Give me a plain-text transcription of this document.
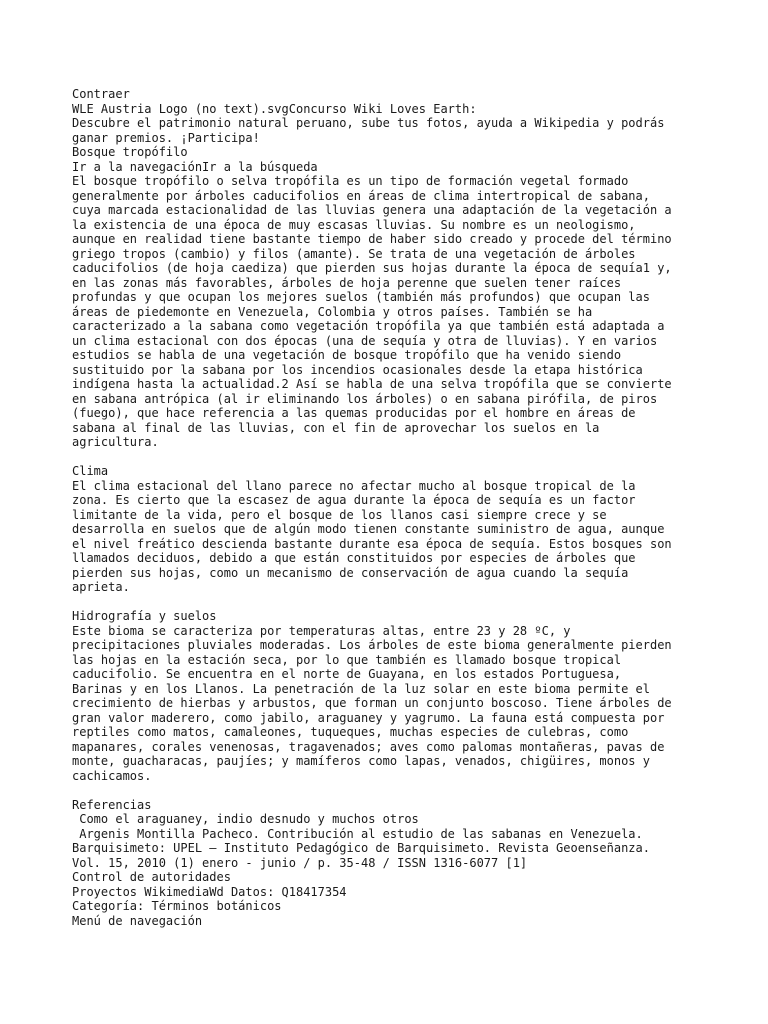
Contraer
WLE Austria Logo (no text).svgConcurso Wiki Loves Earth:
Descubre el patrimonio natural peruano, sube tus fotos, ayuda a Wikipedia y podrás
ganar premios. ¡Participa!
Bosque tropófilo
Ir a la navegaciónIr a la búsqueda
El bosque tropófilo o selva tropófila es un tipo de formación vegetal formado
generalmente por árboles caducifolios en áreas de clima intertropical de sabana,
cuya marcada estacionalidad de las lluvias genera una adaptación de la vegetación a
la existencia de una época de muy escasas lluvias. Su nombre es un neologismo,
aunque en realidad tiene bastante tiempo de haber sido creado y procede del término
griego tropos (cambio) y filos (amante). Se trata de una vegetación de árboles
caducifolios (de hoja caediza) que pierden sus hojas durante la época de sequía1 y,
en las zonas más favorables, árboles de hoja perenne que suelen tener raíces
profundas y que ocupan los mejores suelos (también más profundos) que ocupan las
áreas de piedemonte en Venezuela, Colombia y otros países. También se ha
caracterizado a la sabana como vegetación tropófila ya que también está adaptada a
un clima estacional con dos épocas (una de sequía y otra de lluvias). Y en varios
estudios se habla de una vegetación de bosque tropófilo que ha venido siendo
sustituido por la sabana por los incendios ocasionales desde la etapa histórica
indígena hasta la actualidad.2 Así se habla de una selva tropófila que se convierte
en sabana antrópica (al ir eliminando los árboles) o en sabana pirófila, de piros
(fuego), que hace referencia a las quemas producidas por el hombre en áreas de
sabana al final de las lluvias, con el fin de aprovechar los suelos en la
agricultura.
Clima
El clima estacional del llano parece no afectar mucho al bosque tropical de la
zona. Es cierto que la escasez de agua durante la época de sequía es un factor
limitante de la vida, pero el bosque de los llanos casi siempre crece y se
desarrolla en suelos que de algún modo tienen constante suministro de agua, aunque
el nivel freático descienda bastante durante esa época de sequía. Estos bosques son
llamados deciduos, debido a que están constituidos por especies de árboles que
pierden sus hojas, como un mecanismo de conservación de agua cuando la sequía
aprieta.
Hidrografía y suelos
Este bioma se caracteriza por temperaturas altas, entre 23 y 28 ºC, y
precipitaciones pluviales moderadas. Los árboles de este bioma generalmente pierden
las hojas en la estación seca, por lo que también es llamado bosque tropical
caducifolio. Se encuentra en el norte de Guayana, en los estados Portuguesa,
Barinas y en los Llanos. La penetración de la luz solar en este bioma permite el
crecimiento de hierbas y arbustos, que forman un conjunto boscoso. Tiene árboles de
gran valor maderero, como jabilo, araguaney y yagrumo. La fauna está compuesta por
reptiles como matos, camaleones, tuqueques, muchas especies de culebras, como
mapanares, corales venenosas, tragavenados; aves como palomas montañeras, pavas de
monte, guacharacas, paujíes; y mamíferos como lapas, venados, chigüires, monos y
cachicamos.
Referencias
Como el araguaney, indio desnudo y muchos otros
Argenis Montilla Pacheco. Contribución al estudio de las sabanas en Venezuela.
Barquisimeto: UPEL – Instituto Pedagógico de Barquisimeto. Revista Geoenseñanza.
Vol. 15, 2010 (1) enero - junio / p. 35-48 / ISSN 1316-6077 [1]
Control de autoridades
Proyectos WikimediaWd Datos: Q18417354
Categoría: Términos botánicos
Menú de navegación
